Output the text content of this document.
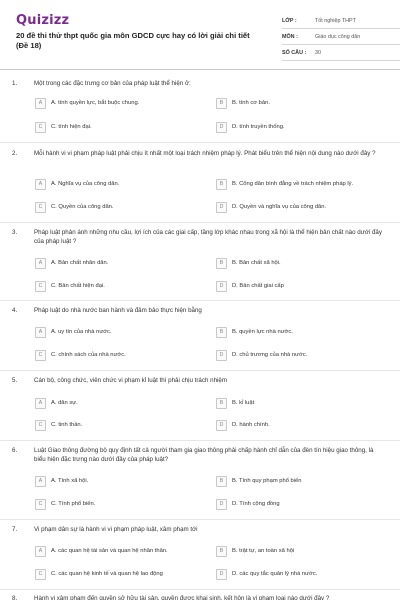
Quizizz
20 đề thi thử thpt quốc gia môn GDCD cực hay có lời giải chi tiết (Đề 18)
LỚP :	Tốt nghiệp THPT
MÔN :	Giáo dục công dân
SỐ CÂU :	30
1.	Một trong các đặc trưng cơ bản của pháp luật thể hiện ở:
A	A. tính quyền lực, bắt buộc chung.	B	B. tính cơ bản.
C	C. tính hiện đại.	D	D. tính truyền thống.
2.	Mỗi hành vi vi phạm pháp luật phải chịu ít nhất một loại trách nhiệm pháp lý. Phát biểu trên thể hiện nội dung nào dưới đây ?
A	A. Nghĩa vụ của công dân.	B	B. Công dân bình đẳng về trách nhiệm pháp lý.
C	C. Quyền của công dân.	D	D. Quyền và nghĩa vụ của công dân.
3.	Pháp luật phản ánh những nhu cầu, lợi ích của các giai cấp, tầng lớp khác nhau trong xã hội là thể hiện bản chất nào dưới đây của pháp luật ?
A	A. Bản chất nhân dân.	B	B. Bản chất xã hội.
C	C. Bản chất hiện đại.	D	D. Bản chất giai cấp
4.	Pháp luật do nhà nước ban hành và đảm bảo thực hiện bằng
A	A. uy tín của nhà nước.	B	B. quyền lực nhà nước.
C	C. chính sách của nhà nước.	D	D. chủ trương của nhà nước.
5.	Cán bộ, công chức, viên chức vi phạm kỉ luật thì phải chịu trách nhiệm
A	A. dân sự.	B	B. kỉ luật
C	C. tinh thần.	D	D. hành chính.
6.	Luật Giao thông đường bộ quy định tất cả người tham gia giao thông phải chấp hành chỉ dẫn của đèn tín hiệu giao thông, là biểu hiện đặc trưng nào dưới đây của pháp luật?
A	A. Tính xã hội.	B	B. Tính quy phạm phổ biến
C	C. Tính phổ biến.	D	D. Tính cộng đồng
7.	Vi phạm dân sự là hành vi vi phạm pháp luật, xâm phạm tới
A	A. các quan hệ tài sản và quan hệ nhân thân.	B	B. trật tự, an toàn xã hội
C	C. các quan hệ kinh tế và quan hệ lao động	D	D. các quy tắc quản lý nhà nước.
8.	Hành vi xâm phạm đến quyền sở hữu tài sản, quyền được khai sinh, kết hôn là vi phạm loại nào dưới đây ?
